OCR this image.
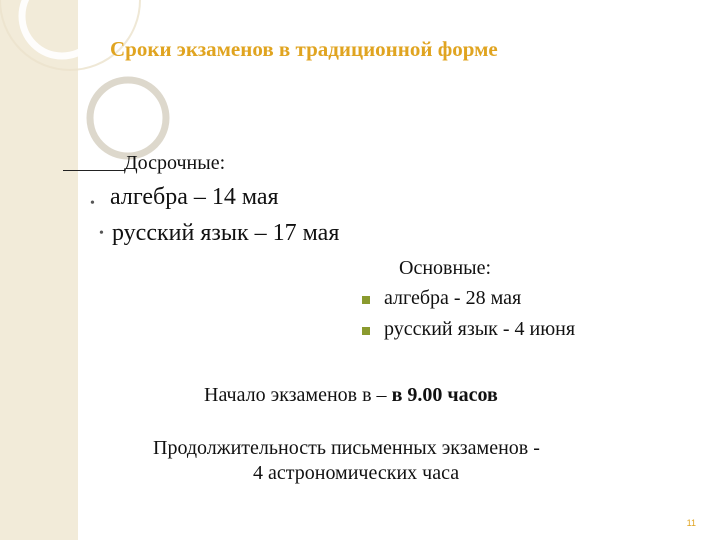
Сроки экзаменов в традиционной форме
Досрочные:
• алгебра – 14 мая
• русский язык – 17 мая
Основные:
алгебра - 28 мая
русский язык - 4 июня
Начало экзаменов в – в 9.00 часов
Продолжительность письменных экзаменов -
4 астрономических часа
11
